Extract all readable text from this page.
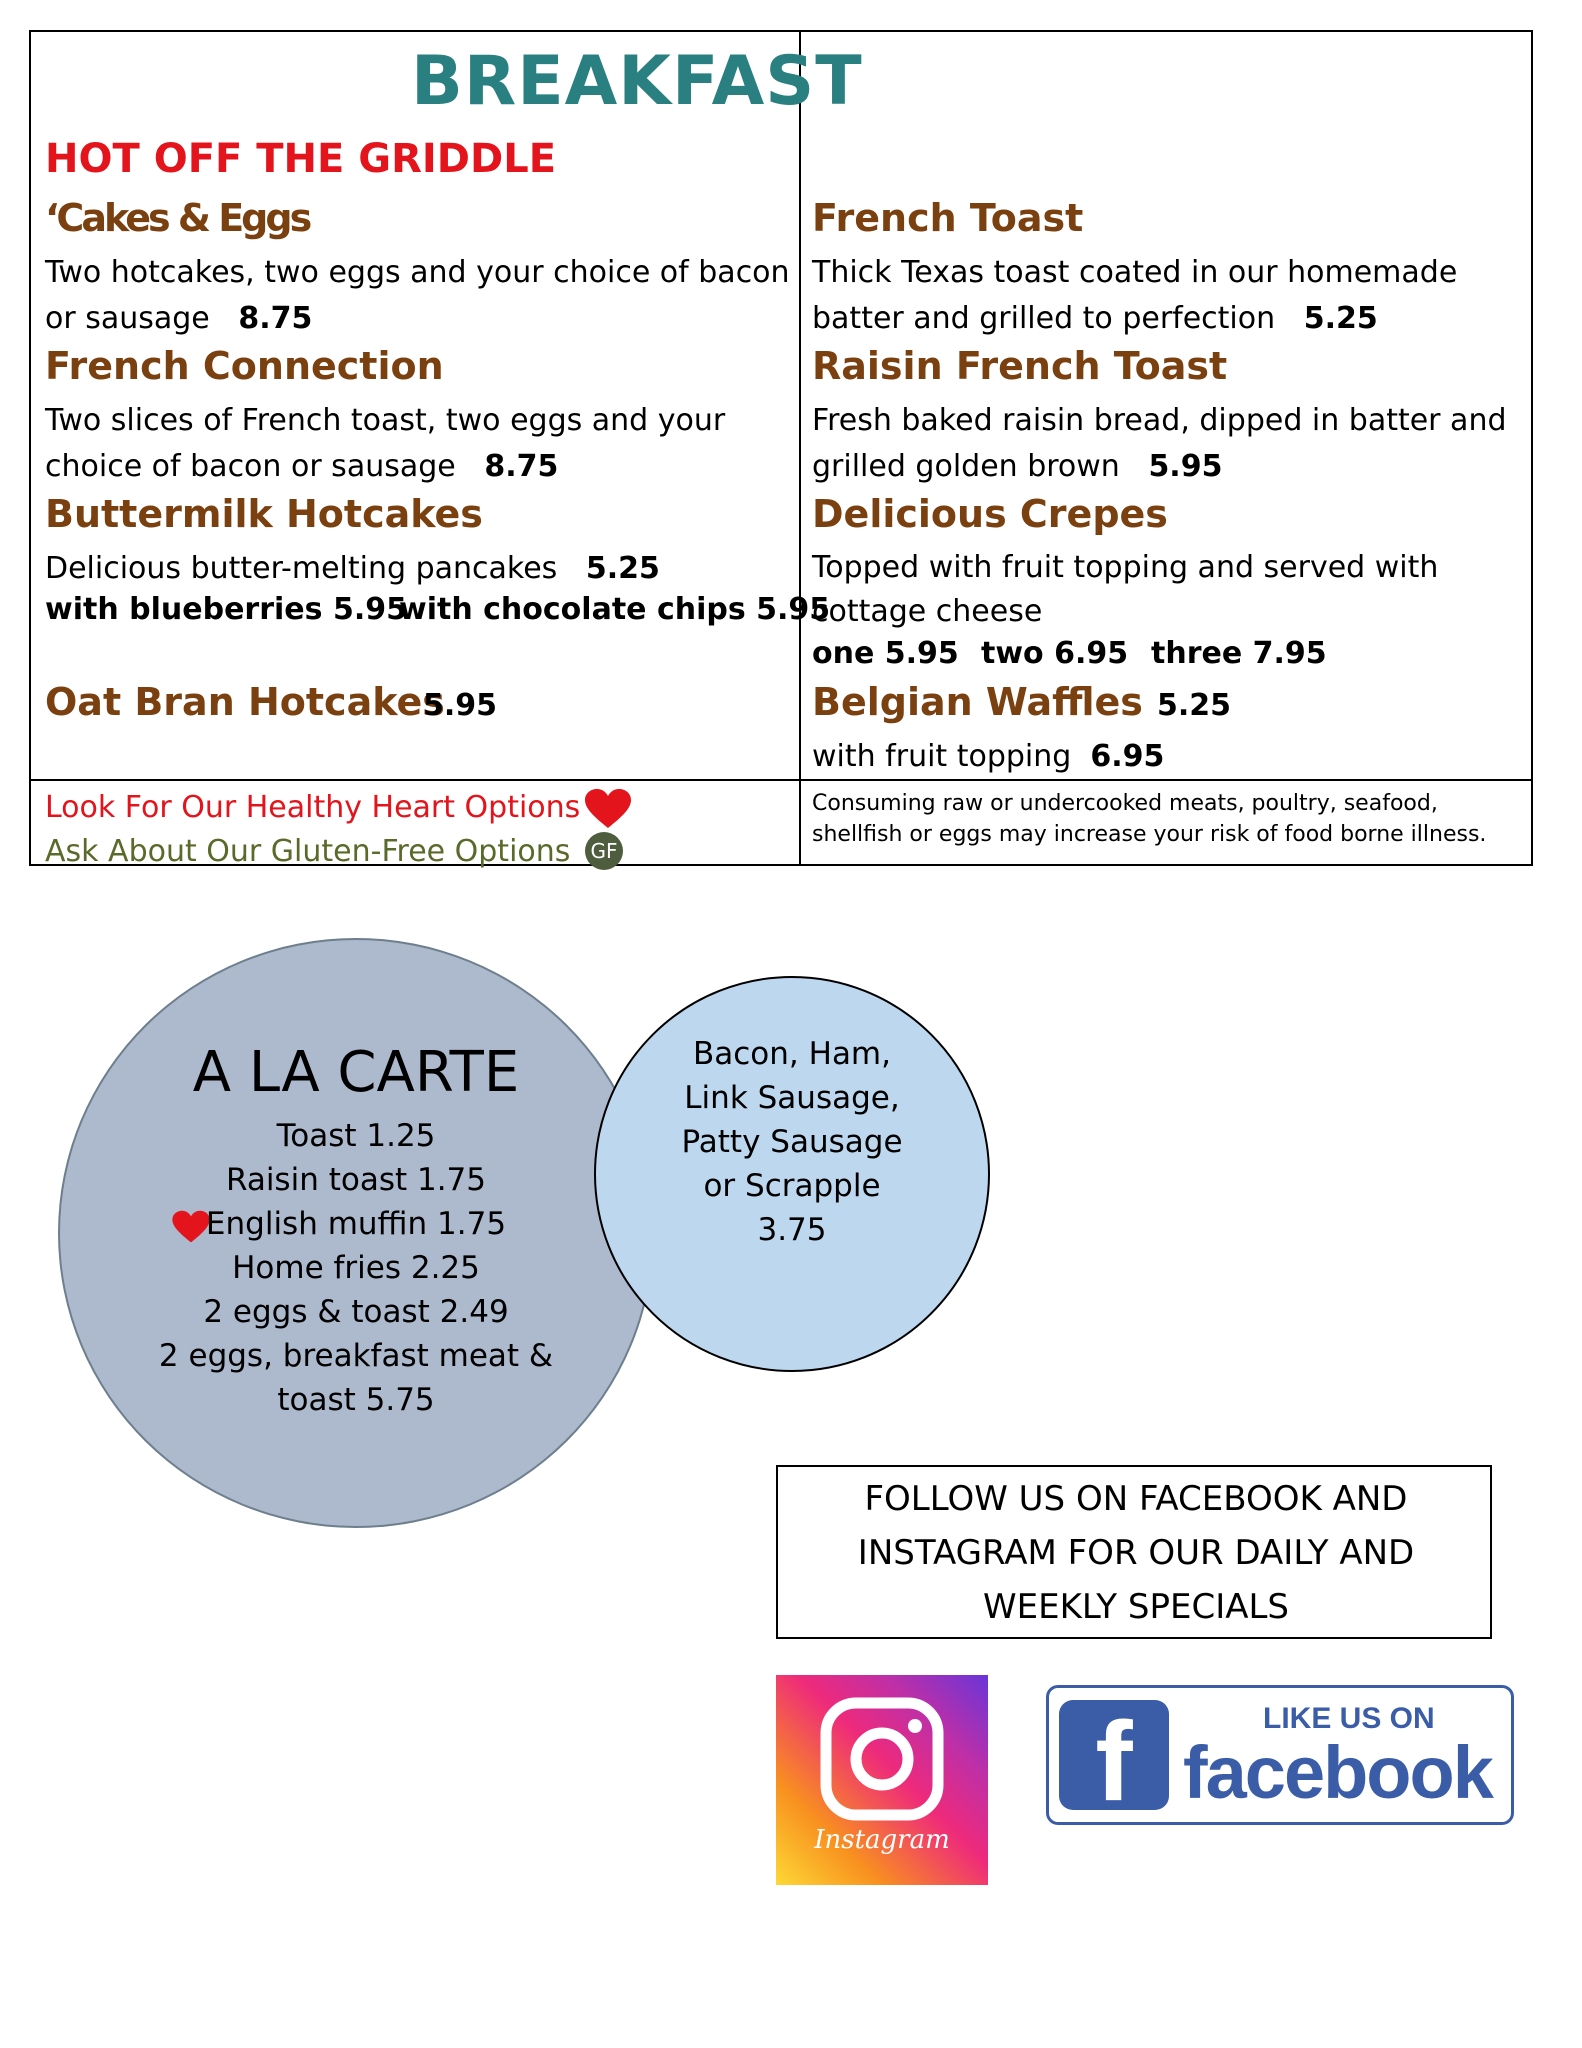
BREAKFAST
HOT OFF THE GRIDDLE
‘Cakes & Eggs
Two hotcakes, two eggs and your choice of bacon
or sausage 8.75
French Connection
Two slices of French toast, two eggs and your
choice of bacon or sausage 8.75
Buttermilk Hotcakes
Delicious butter-melting pancakes 5.25
with blueberries 5.95
with chocolate chips 5.95
Oat Bran Hotcakes
5.95
French Toast
Thick Texas toast coated in our homemade
batter and grilled to perfection 5.25
Raisin French Toast
Fresh baked raisin bread, dipped in batter and
grilled golden brown 5.95
Delicious Crepes
Topped with fruit topping and served with
cottage cheese
one 5.95 two 6.95 three 7.95
Belgian Waffles 5.25
with fruit topping 6.95
Look For Our Healthy Heart Options
Ask About Our Gluten-Free Options GF
Consuming raw or undercooked meats, poultry, seafood,
shellfish or eggs may increase your risk of food borne illness.
A LA CARTE
Toast 1.25
Raisin toast 1.75
English muffin 1.75
Home fries 2.25
2 eggs & toast 2.49
2 eggs, breakfast meat &
toast 5.75
Bacon, Ham,
Link Sausage,
Patty Sausage
or Scrapple
3.75
FOLLOW US ON FACEBOOK AND
INSTAGRAM FOR OUR DAILY AND
WEEKLY SPECIALS
Instagram
f	LIKE US ON
facebook
